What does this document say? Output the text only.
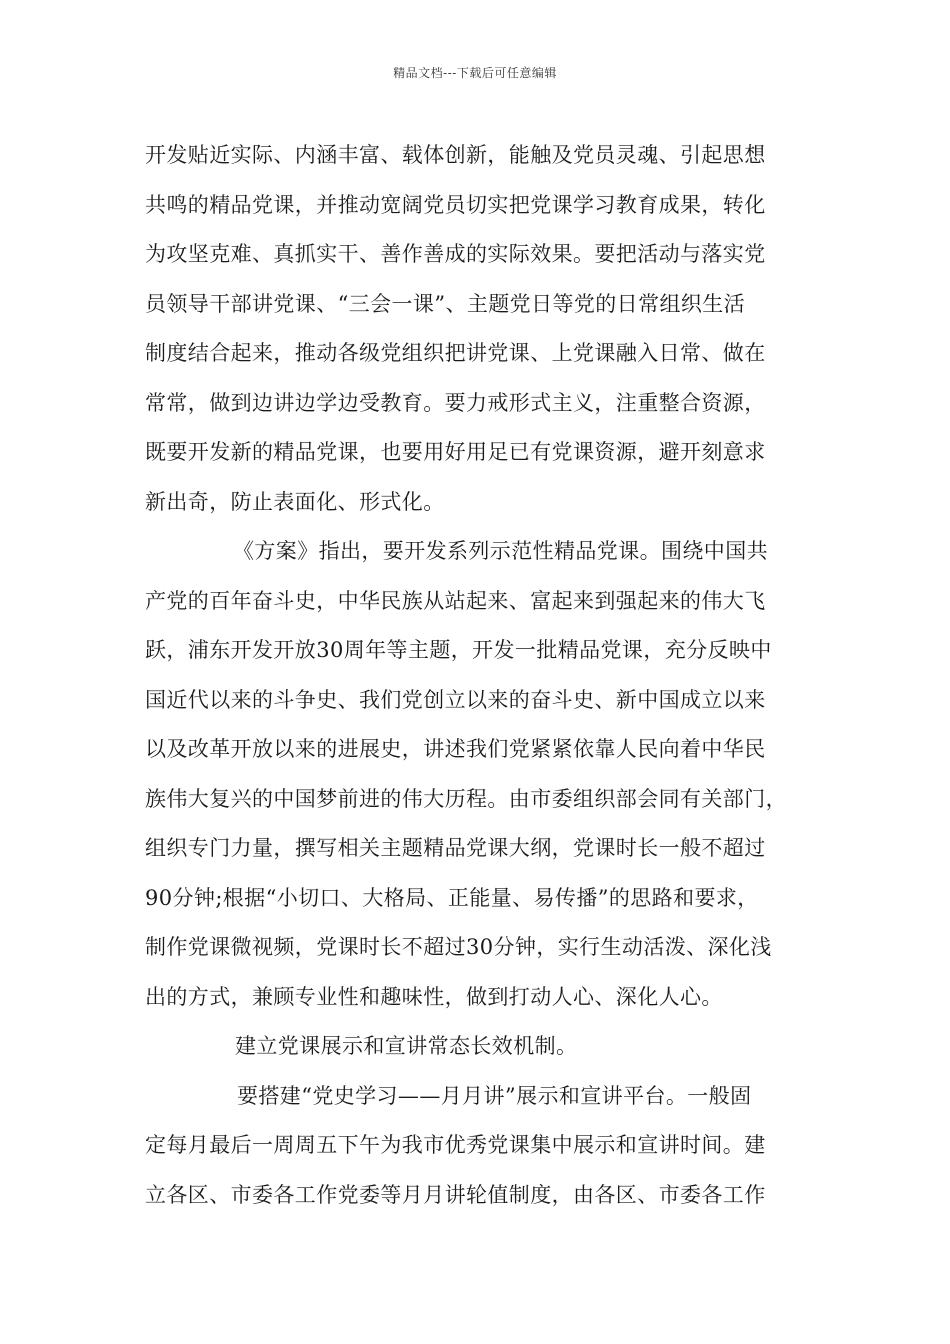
精品文档---下载后可任意编辑
开发贴近实际、内涵丰富、载体创新，能触及党员灵魂、引起思想
共鸣的精品党课，并推动宽阔党员切实把党课学习教育成果，转化
为攻坚克难、真抓实干、善作善成的实际效果。要把活动与落实党
员领导干部讲党课、“三会一课”、主题党日等党的日常组织生活
制度结合起来，推动各级党组织把讲党课、上党课融入日常、做在
常常，做到边讲边学边受教育。要力戒形式主义，注重整合资源，
既要开发新的精品党课，也要用好用足已有党课资源，避开刻意求
新出奇，防止表面化、形式化。
《方案》指出，要开发系列示范性精品党课。围绕中国共
产党的百年奋斗史，中华民族从站起来、富起来到强起来的伟大飞
跃，浦东开发开放30周年等主题，开发一批精品党课，充分反映中
国近代以来的斗争史、我们党创立以来的奋斗史、新中国成立以来
以及改革开放以来的进展史，讲述我们党紧紧依靠人民向着中华民
族伟大复兴的中国梦前进的伟大历程。由市委组织部会同有关部门，
组织专门力量，撰写相关主题精品党课大纲，党课时长一般不超过
90分钟;根据“小切口、大格局、正能量、易传播”的思路和要求，
制作党课微视频，党课时长不超过30分钟，实行生动活泼、深化浅
出的方式，兼顾专业性和趣味性，做到打动人心、深化人心。
建立党课展示和宣讲常态长效机制。
要搭建“党史学习——月月讲”展示和宣讲平台。一般固
定每月最后一周周五下午为我市优秀党课集中展示和宣讲时间。建
立各区、市委各工作党委等月月讲轮值制度，由各区、市委各工作
